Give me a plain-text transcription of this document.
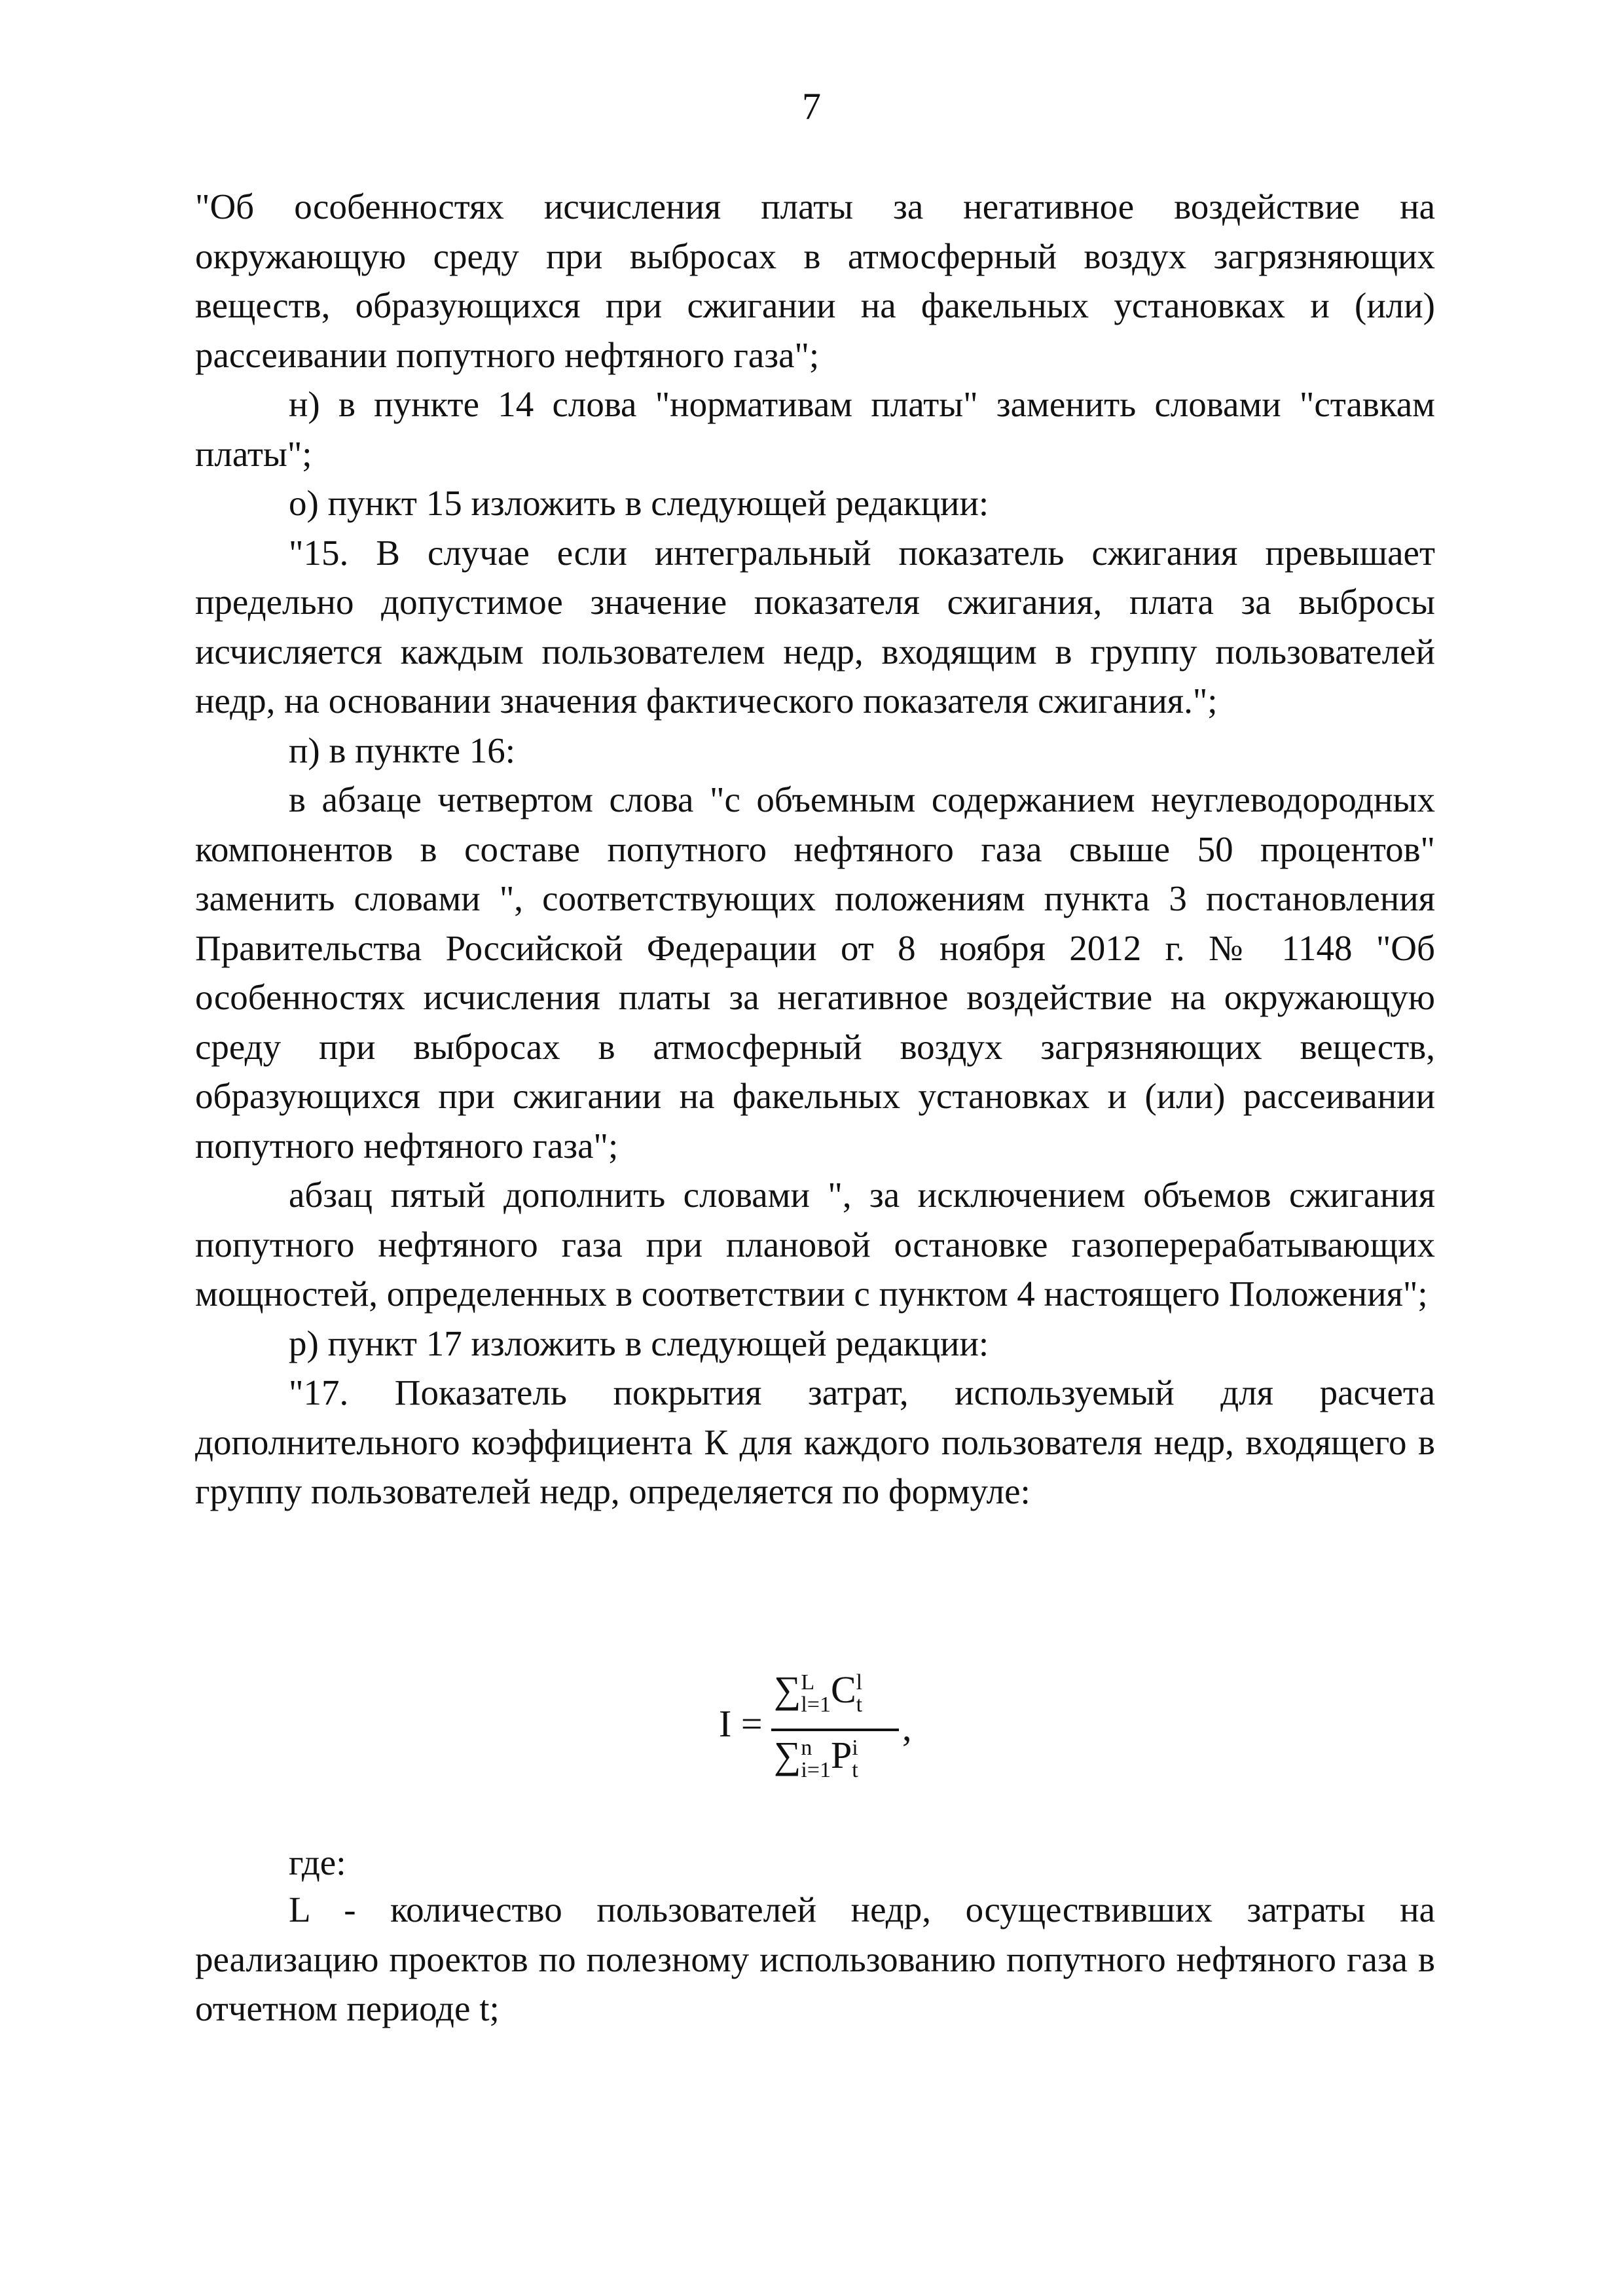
7

"Об особенностях исчисления платы за негативное воздействие на окружающую среду при выбросах в атмосферный воздух загрязняющих веществ, образующихся при сжигании на факельных установках и (или) рассеивании попутного нефтяного газа";

н) в пункте 14 слова "нормативам платы" заменить словами "ставкам платы";

о) пункт 15 изложить в следующей редакции:

"15. В случае если интегральный показатель сжигания превышает предельно допустимое значение показателя сжигания, плата за выбросы исчисляется каждым пользователем недр, входящим в группу пользователей недр, на основании значения фактического показателя сжигания.";

п) в пункте 16:

в абзаце четвертом слова "с объемным содержанием неуглеводородных компонентов в составе попутного нефтяного газа свыше 50 процентов" заменить словами ", соответствующих положениям пункта 3 постановления Правительства Российской Федерации от 8 ноября 2012 г. № 1148 "Об особенностях исчисления платы за негативное воздействие на окружающую среду при выбросах в атмосферный воздух загрязняющих веществ, образующихся при сжигании на факельных установках и (или) рассеивании попутного нефтяного газа";

абзац пятый дополнить словами ", за исключением объемов сжигания попутного нефтяного газа при плановой остановке газоперерабатывающих мощностей, определенных в соответствии с пунктом 4 настоящего Положения";

р) пункт 17 изложить в следующей редакции:

"17. Показатель покрытия затрат, используемый для расчета дополнительного коэффициента К для каждого пользователя недр, входящего в группу пользователей недр, определяется по формуле:

I =
∑L
l=1Cl
t
∑n
i=1Pi
t
,
где:

L - количество пользователей недр, осуществивших затраты на реализацию проектов по полезному использованию попутного нефтяного газа в отчетном периоде t;
